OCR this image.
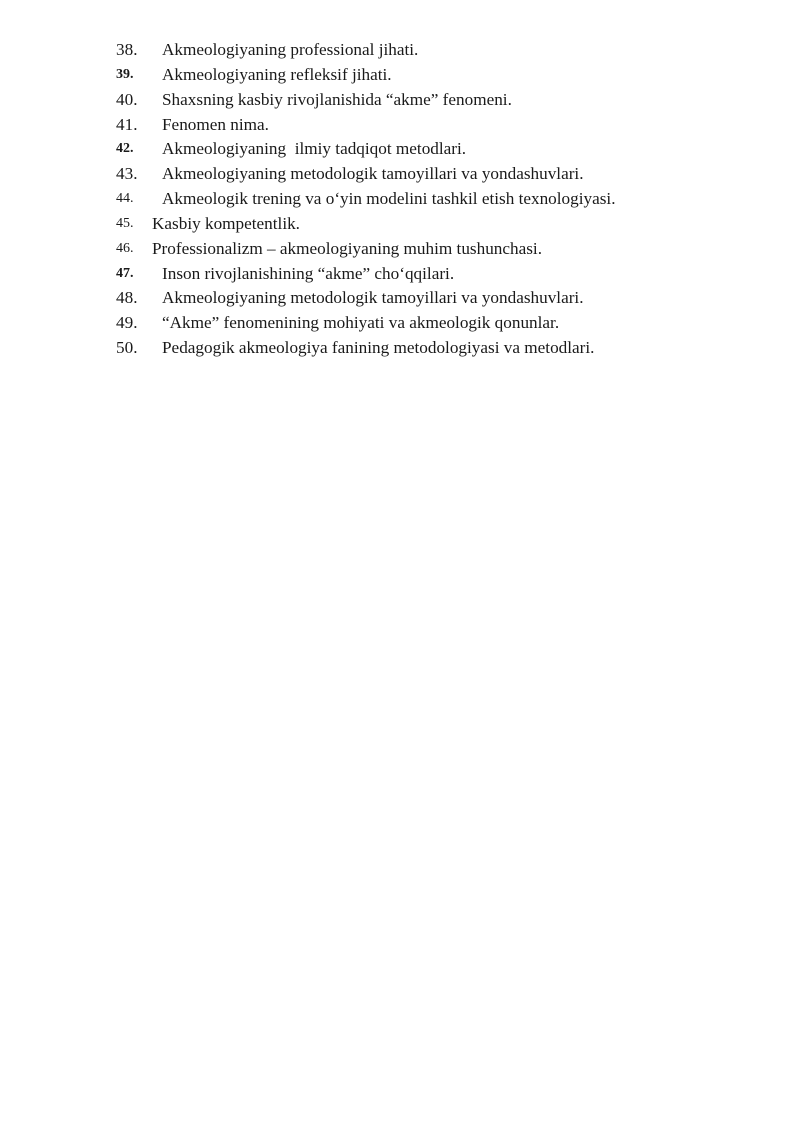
38. Akmeologiyaning professional jihati.
39. Akmeologiyaning refleksif jihati.
40. Shaxsning kasbiy rivojlanishida “akme” fenomeni.
41. Fenomen nima.
42. Akmeologiyaning  ilmiy tadqiqot metodlari.
43. Akmeologiyaning metodologik tamoyillari va yondashuvlari.
44. Akmeologik trening va o‘yin modelini tashkil etish texnologiyasi.
45. Kasbiy kompetentlik.
46. Professionalizm – akmeologiyaning muhim tushunchasi.
47. Inson rivojlanishining “akme” cho‘qqilari.
48. Akmeologiyaning metodologik tamoyillari va yondashuvlari.
49. “Akme” fenomenining mohiyati va akmeologik qonunlar.
50. Pedagogik akmeologiya fanining metodologiyasi va metodlari.
